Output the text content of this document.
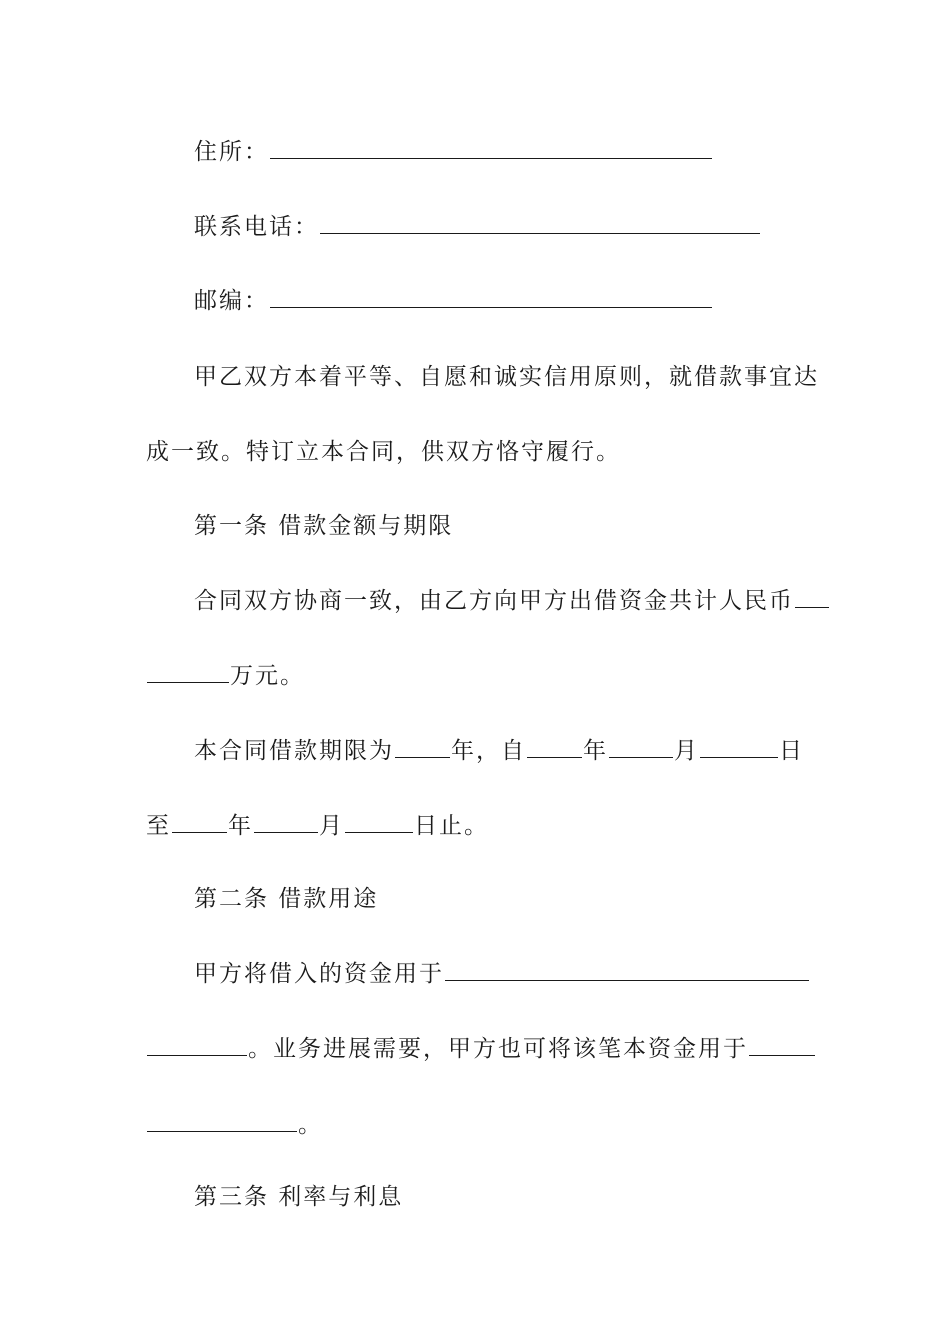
住所：
联系电话：
邮编：
甲乙双方本着平等、自愿和诚实信用原则，就借款事宜达
成一致。特订立本合同，供双方恪守履行。
第一条 借款金额与期限
合同双方协商一致，由乙方向甲方出借资金共计人民币
万元。
本合同借款期限为 年，自 年	月	日
至 年	月	日止。
第二条 借款用途
甲方将借入的资金用于
。业务进展需要，甲方也可将该笔本资金用于
。
第三条 利率与利息
